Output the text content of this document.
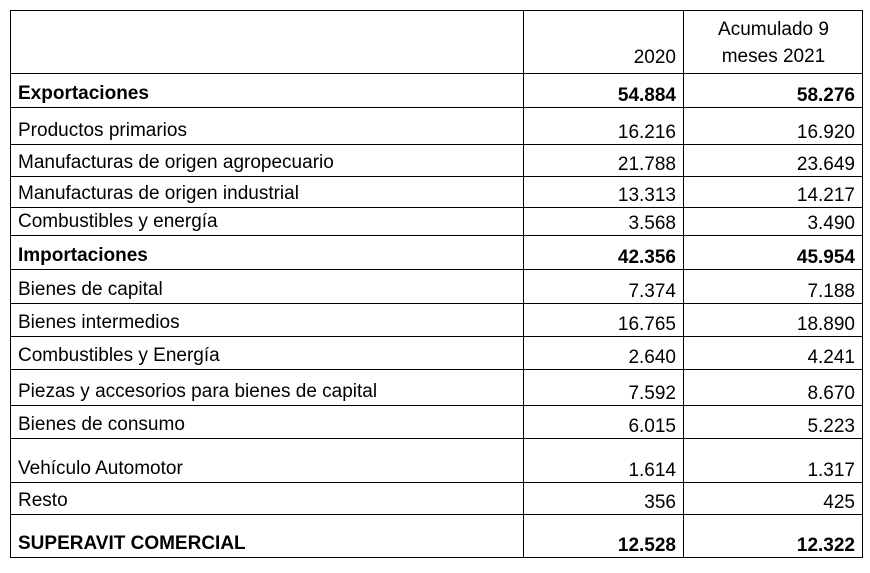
	2020	Acumulado 9
meses 2021
Exportaciones	54.884	58.276
Productos primarios	16.216	16.920
Manufacturas de origen agropecuario	21.788	23.649
Manufacturas de origen industrial	13.313	14.217
Combustibles y energía	3.568	3.490
Importaciones	42.356	45.954
Bienes de capital	7.374	7.188
Bienes intermedios	16.765	18.890
Combustibles y Energía	2.640	4.241
Piezas y accesorios para bienes de capital	7.592	8.670
Bienes de consumo	6.015	5.223
Vehículo Automotor	1.614	1.317
Resto	356	425
SUPERAVIT COMERCIAL	12.528	12.322
